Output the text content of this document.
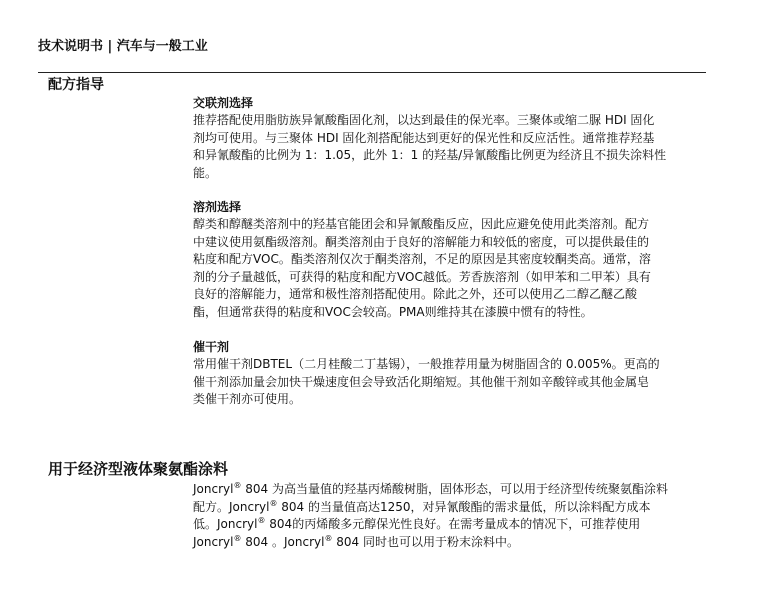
技术说明书 | 汽车与一般工业
配方指导
交联剂选择

推荐搭配使用脂肪族异氰酸酯固化剂，以达到最佳的保光率。三聚体或缩二脲 HDI 固化
剂均可使用。与三聚体 HDI 固化剂搭配能达到更好的保光性和反应活性。通常推荐羟基
和异氰酸酯的比例为 1：1.05，此外 1：1 的羟基/异氰酸酯比例更为经济且不损失涂料性
能。

溶剂选择

醇类和醇醚类溶剂中的羟基官能团会和异氰酸酯反应，因此应避免使用此类溶剂。配方
中建议使用氨酯级溶剂。酮类溶剂由于良好的溶解能力和较低的密度，可以提供最佳的
粘度和配方VOC。酯类溶剂仅次于酮类溶剂，不足的原因是其密度较酮类高。通常，溶
剂的分子量越低，可获得的粘度和配方VOC越低。芳香族溶剂（如甲苯和二甲苯）具有
良好的溶解能力，通常和极性溶剂搭配使用。除此之外，还可以使用乙二醇乙醚乙酸
酯，但通常获得的粘度和VOC会较高。PMA则维持其在漆膜中惯有的特性。

催干剂

常用催干剂DBTEL（二月桂酸二丁基锡），一般推荐用量为树脂固含的 0.005%。更高的
催干剂添加量会加快干燥速度但会导致活化期缩短。其他催干剂如辛酸锌或其他金属皂
类催干剂亦可使用。

用于经济型液体聚氨酯涂料
Joncryl® 804 为高当量值的羟基丙烯酸树脂，固体形态，可以用于经济型传统聚氨酯涂料
配方。Joncryl® 804 的当量值高达1250，对异氰酸酯的需求量低，所以涂料配方成本
低。Joncryl® 804的丙烯酸多元醇保光性良好。在需考量成本的情况下，可推荐使用
Joncryl® 804 。Joncryl® 804 同时也可以用于粉末涂料中。
